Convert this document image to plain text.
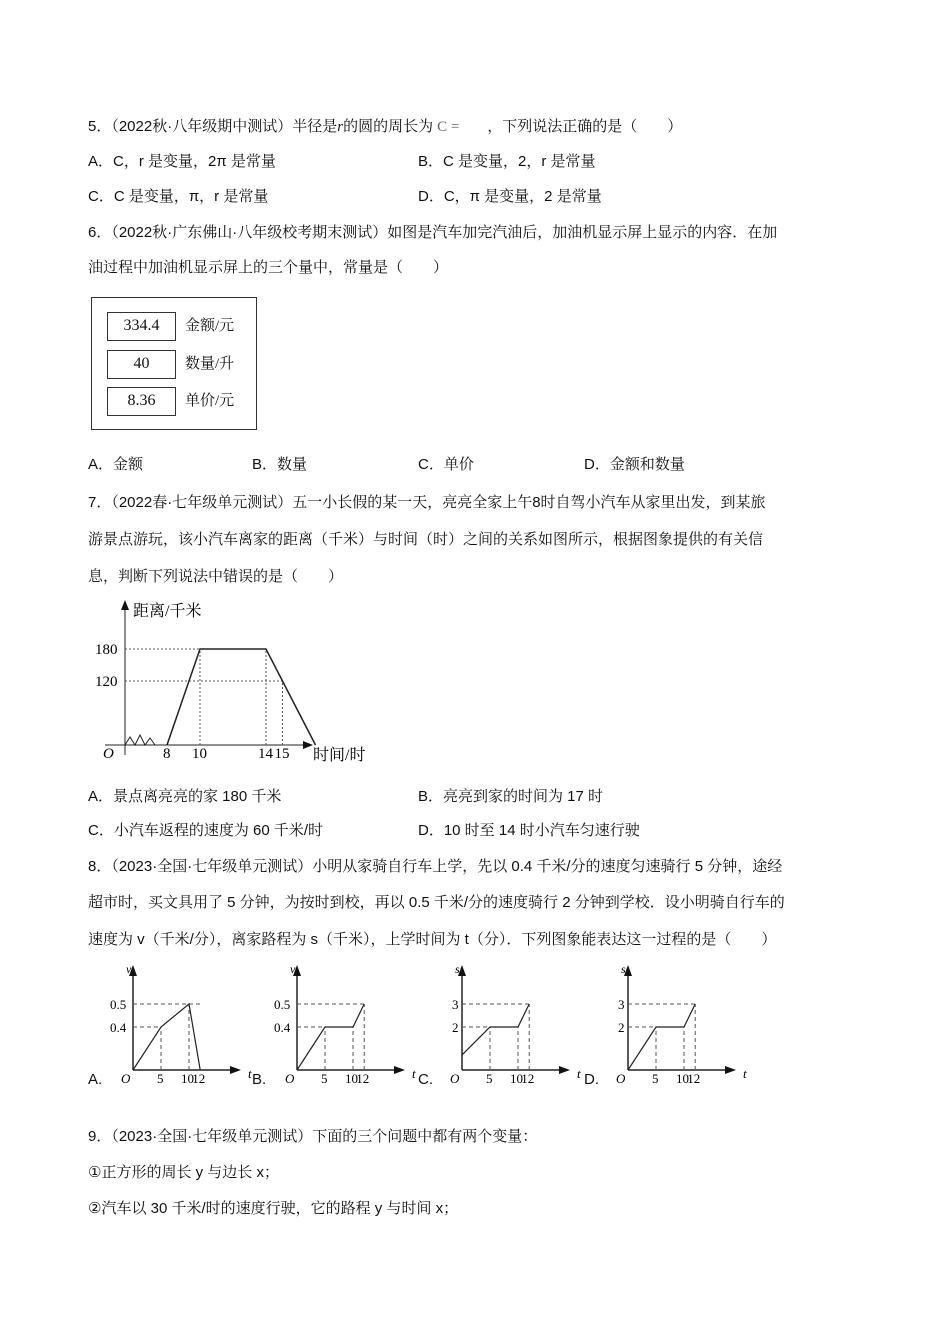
5．（2022秋·八年级期中测试）半径是r的圆的周长为 C = ，下列说法正确的是（　　）
A．C，r 是变量，2π 是常量	B．C 是变量，2，r 是常量
C．C 是变量，π，r 是常量	D．C，π 是变量，2 是常量
6．（2022秋·广东佛山·八年级校考期末测试）如图是汽车加完汽油后，加油机显示屏上显示的内容．在加
油过程中加油机显示屏上的三个量中，常量是（　　）
334.4	金额/元
40	数量/升
8.36	单价/元
A．金额	B．数量	C．单价	D．金额和数量
7．（2022春·七年级单元测试）五一小长假的某一天，亮亮全家上午8时自驾小汽车从家里出发，到某旅
游景点游玩，该小汽车离家的距离（千米）与时间（时）之间的关系如图所示，根据图象提供的有关信
息，判断下列说法中错误的是（　　）
120
180
8 10	14 15
O
距离/千米
时间/时
0.4
0.5
5 10
12
O
v
t
0.4
0.5
5 10
12
O
v
t
2
3
5 10
12
O
s
t
2
3
5 10
12
O
s
t
A．景点离亮亮的家 180 千米	B．亮亮到家的时间为 17 时
C．小汽车返程的速度为 60 千米/时	D．10 时至 14 时小汽车匀速行驶
8．（2023·全国·七年级单元测试）小明从家骑自行车上学，先以 0.4 千米/分的速度匀速骑行 5 分钟，途经
超市时，买文具用了 5 分钟，为按时到校，再以 0.5 千米/分的速度骑行 2 分钟到学校．设小明骑自行车的
速度为 v（千米/分），离家路程为 s（千米），上学时间为 t（分）．下列图象能表达这一过程的是（　　）
A.	B.	C.	D.
9．（2023·全国·七年级单元测试）下面的三个问题中都有两个变量：
①正方形的周长 y 与边长 x；
②汽车以 30 千米/时的速度行驶，它的路程 y 与时间 x；
